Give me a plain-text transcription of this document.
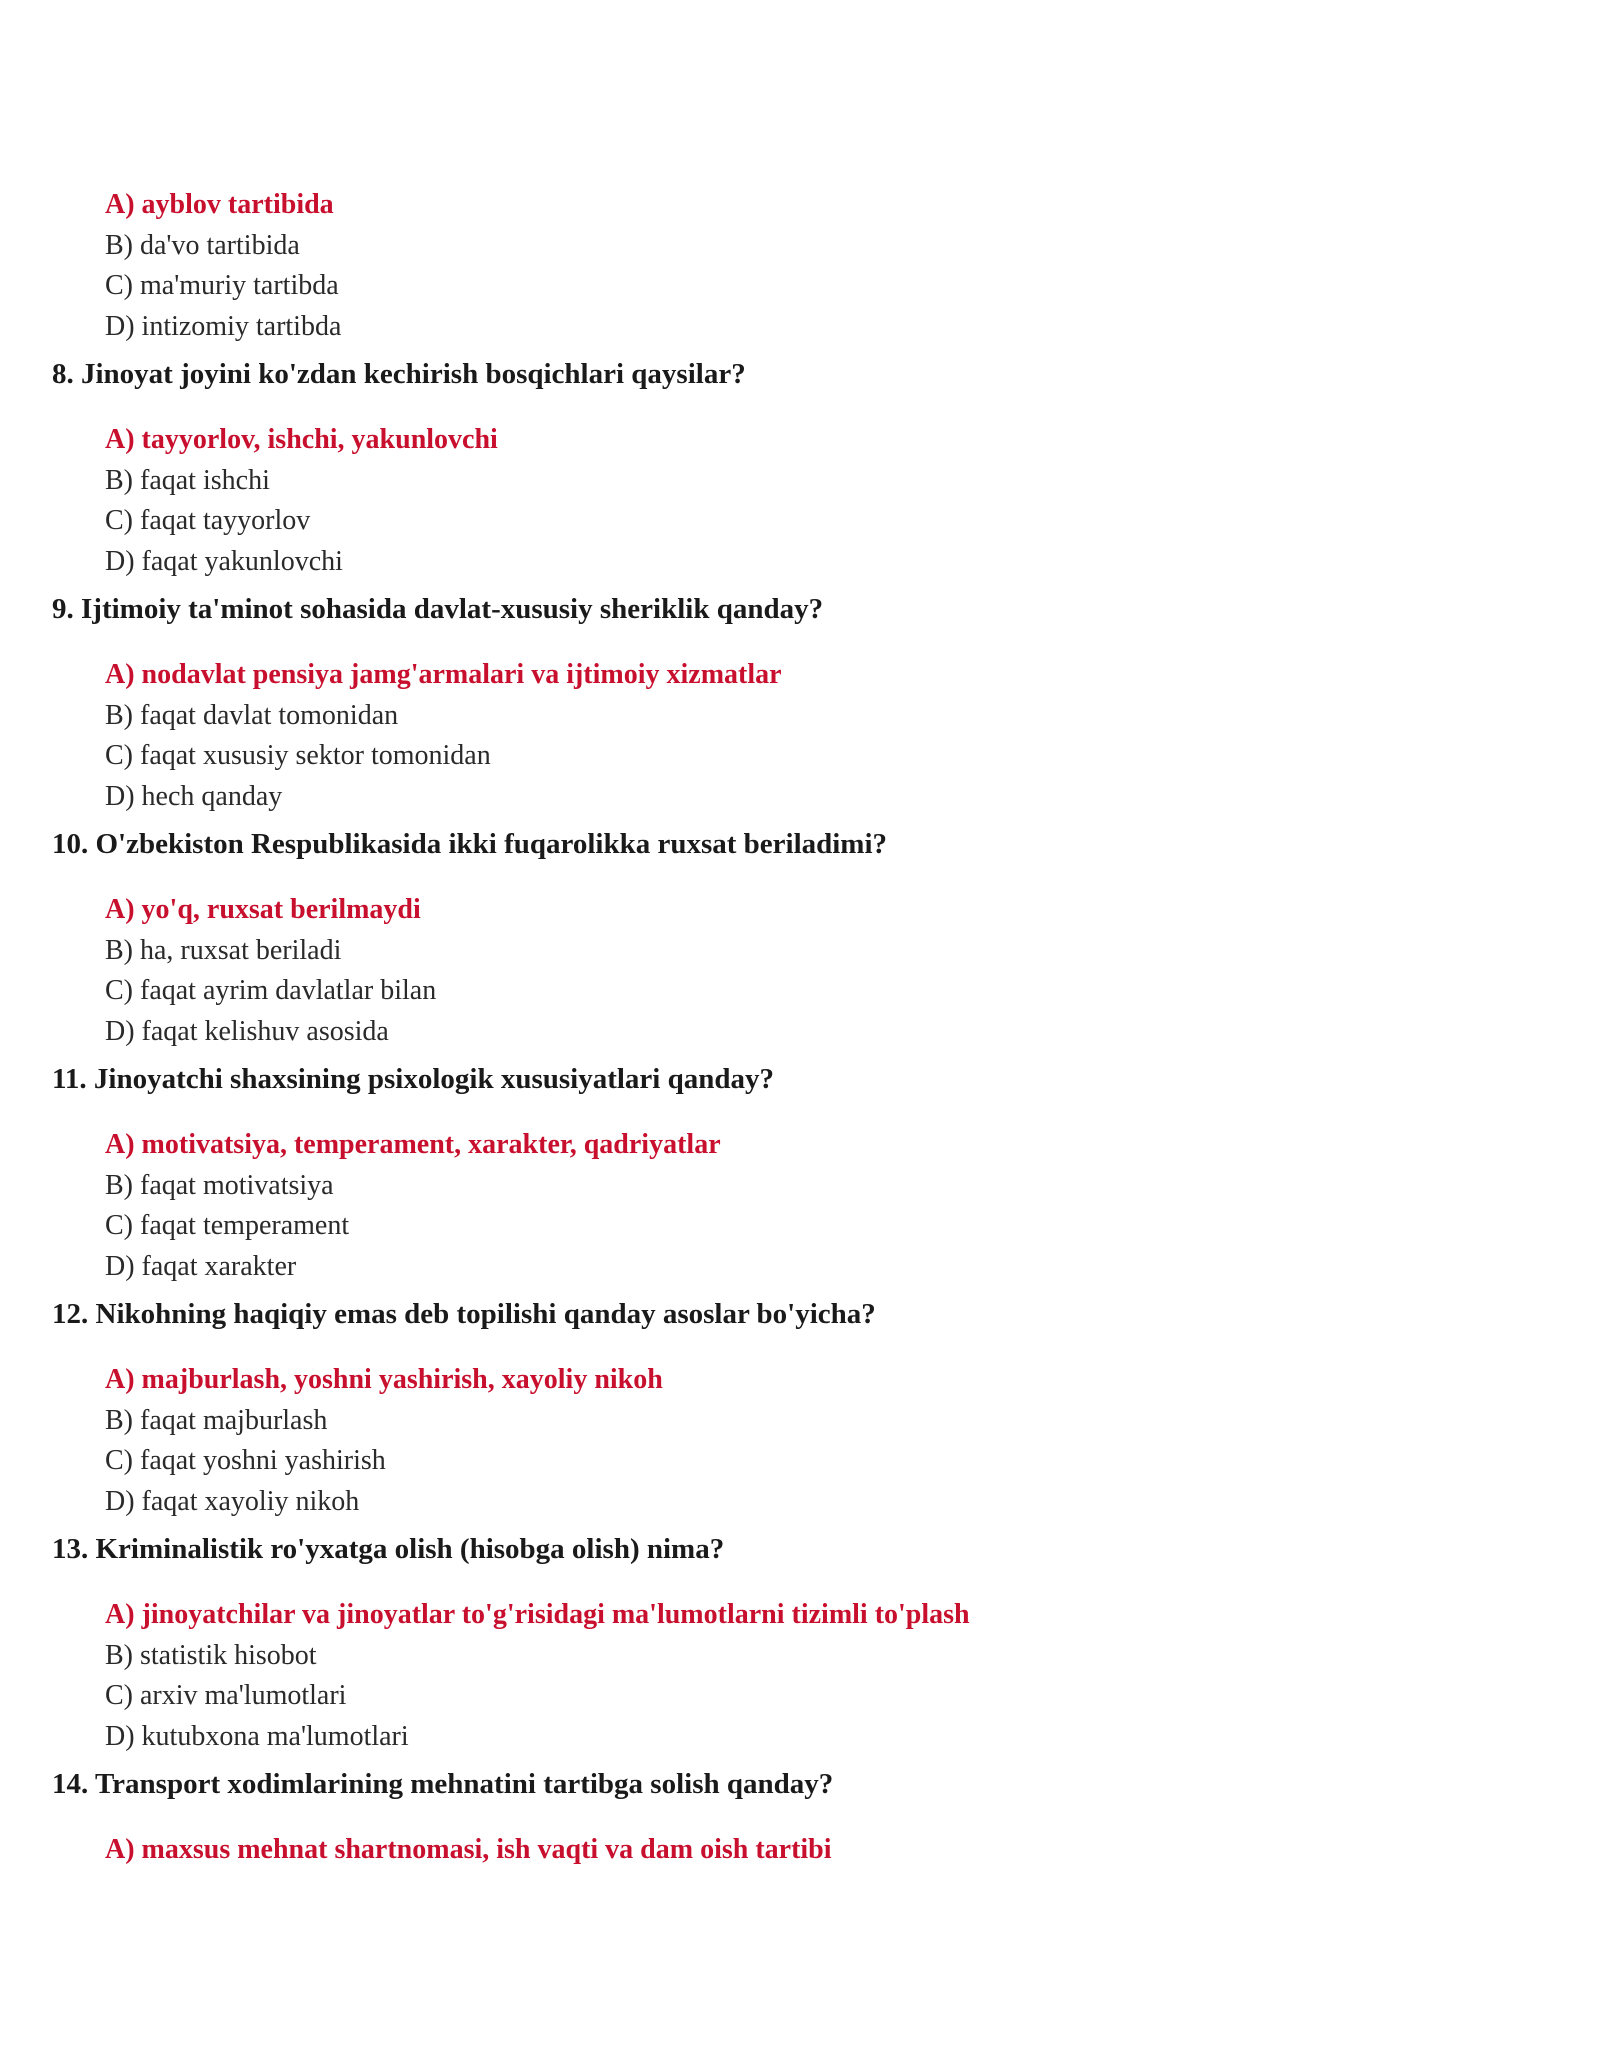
A) ayblov tartibida
B) da'vo tartibida
C) ma'muriy tartibda
D) intizomiy tartibda
8. Jinoyat joyini ko'zdan kechirish bosqichlari qaysilar?
A) tayyorlov, ishchi, yakunlovchi
B) faqat ishchi
C) faqat tayyorlov
D) faqat yakunlovchi
9. Ijtimoiy ta'minot sohasida davlat-xususiy sheriklik qanday?
A) nodavlat pensiya jamg'armalari va ijtimoiy xizmatlar
B) faqat davlat tomonidan
C) faqat xususiy sektor tomonidan
D) hech qanday
10. O'zbekiston Respublikasida ikki fuqarolikka ruxsat beriladimi?
A) yo'q, ruxsat berilmaydi
B) ha, ruxsat beriladi
C) faqat ayrim davlatlar bilan
D) faqat kelishuv asosida
11. Jinoyatchi shaxsining psixologik xususiyatlari qanday?
A) motivatsiya, temperament, xarakter, qadriyatlar
B) faqat motivatsiya
C) faqat temperament
D) faqat xarakter
12. Nikohning haqiqiy emas deb topilishi qanday asoslar bo'yicha?
A) majburlash, yoshni yashirish, xayoliy nikoh
B) faqat majburlash
C) faqat yoshni yashirish
D) faqat xayoliy nikoh
13. Kriminalistik ro'yxatga olish (hisobga olish) nima?
A) jinoyatchilar va jinoyatlar to'g'risidagi ma'lumotlarni tizimli to'plash
B) statistik hisobot
C) arxiv ma'lumotlari
D) kutubxona ma'lumotlari
14. Transport xodimlarining mehnatini tartibga solish qanday?
A) maxsus mehnat shartnomasi, ish vaqti va dam oish tartibi
